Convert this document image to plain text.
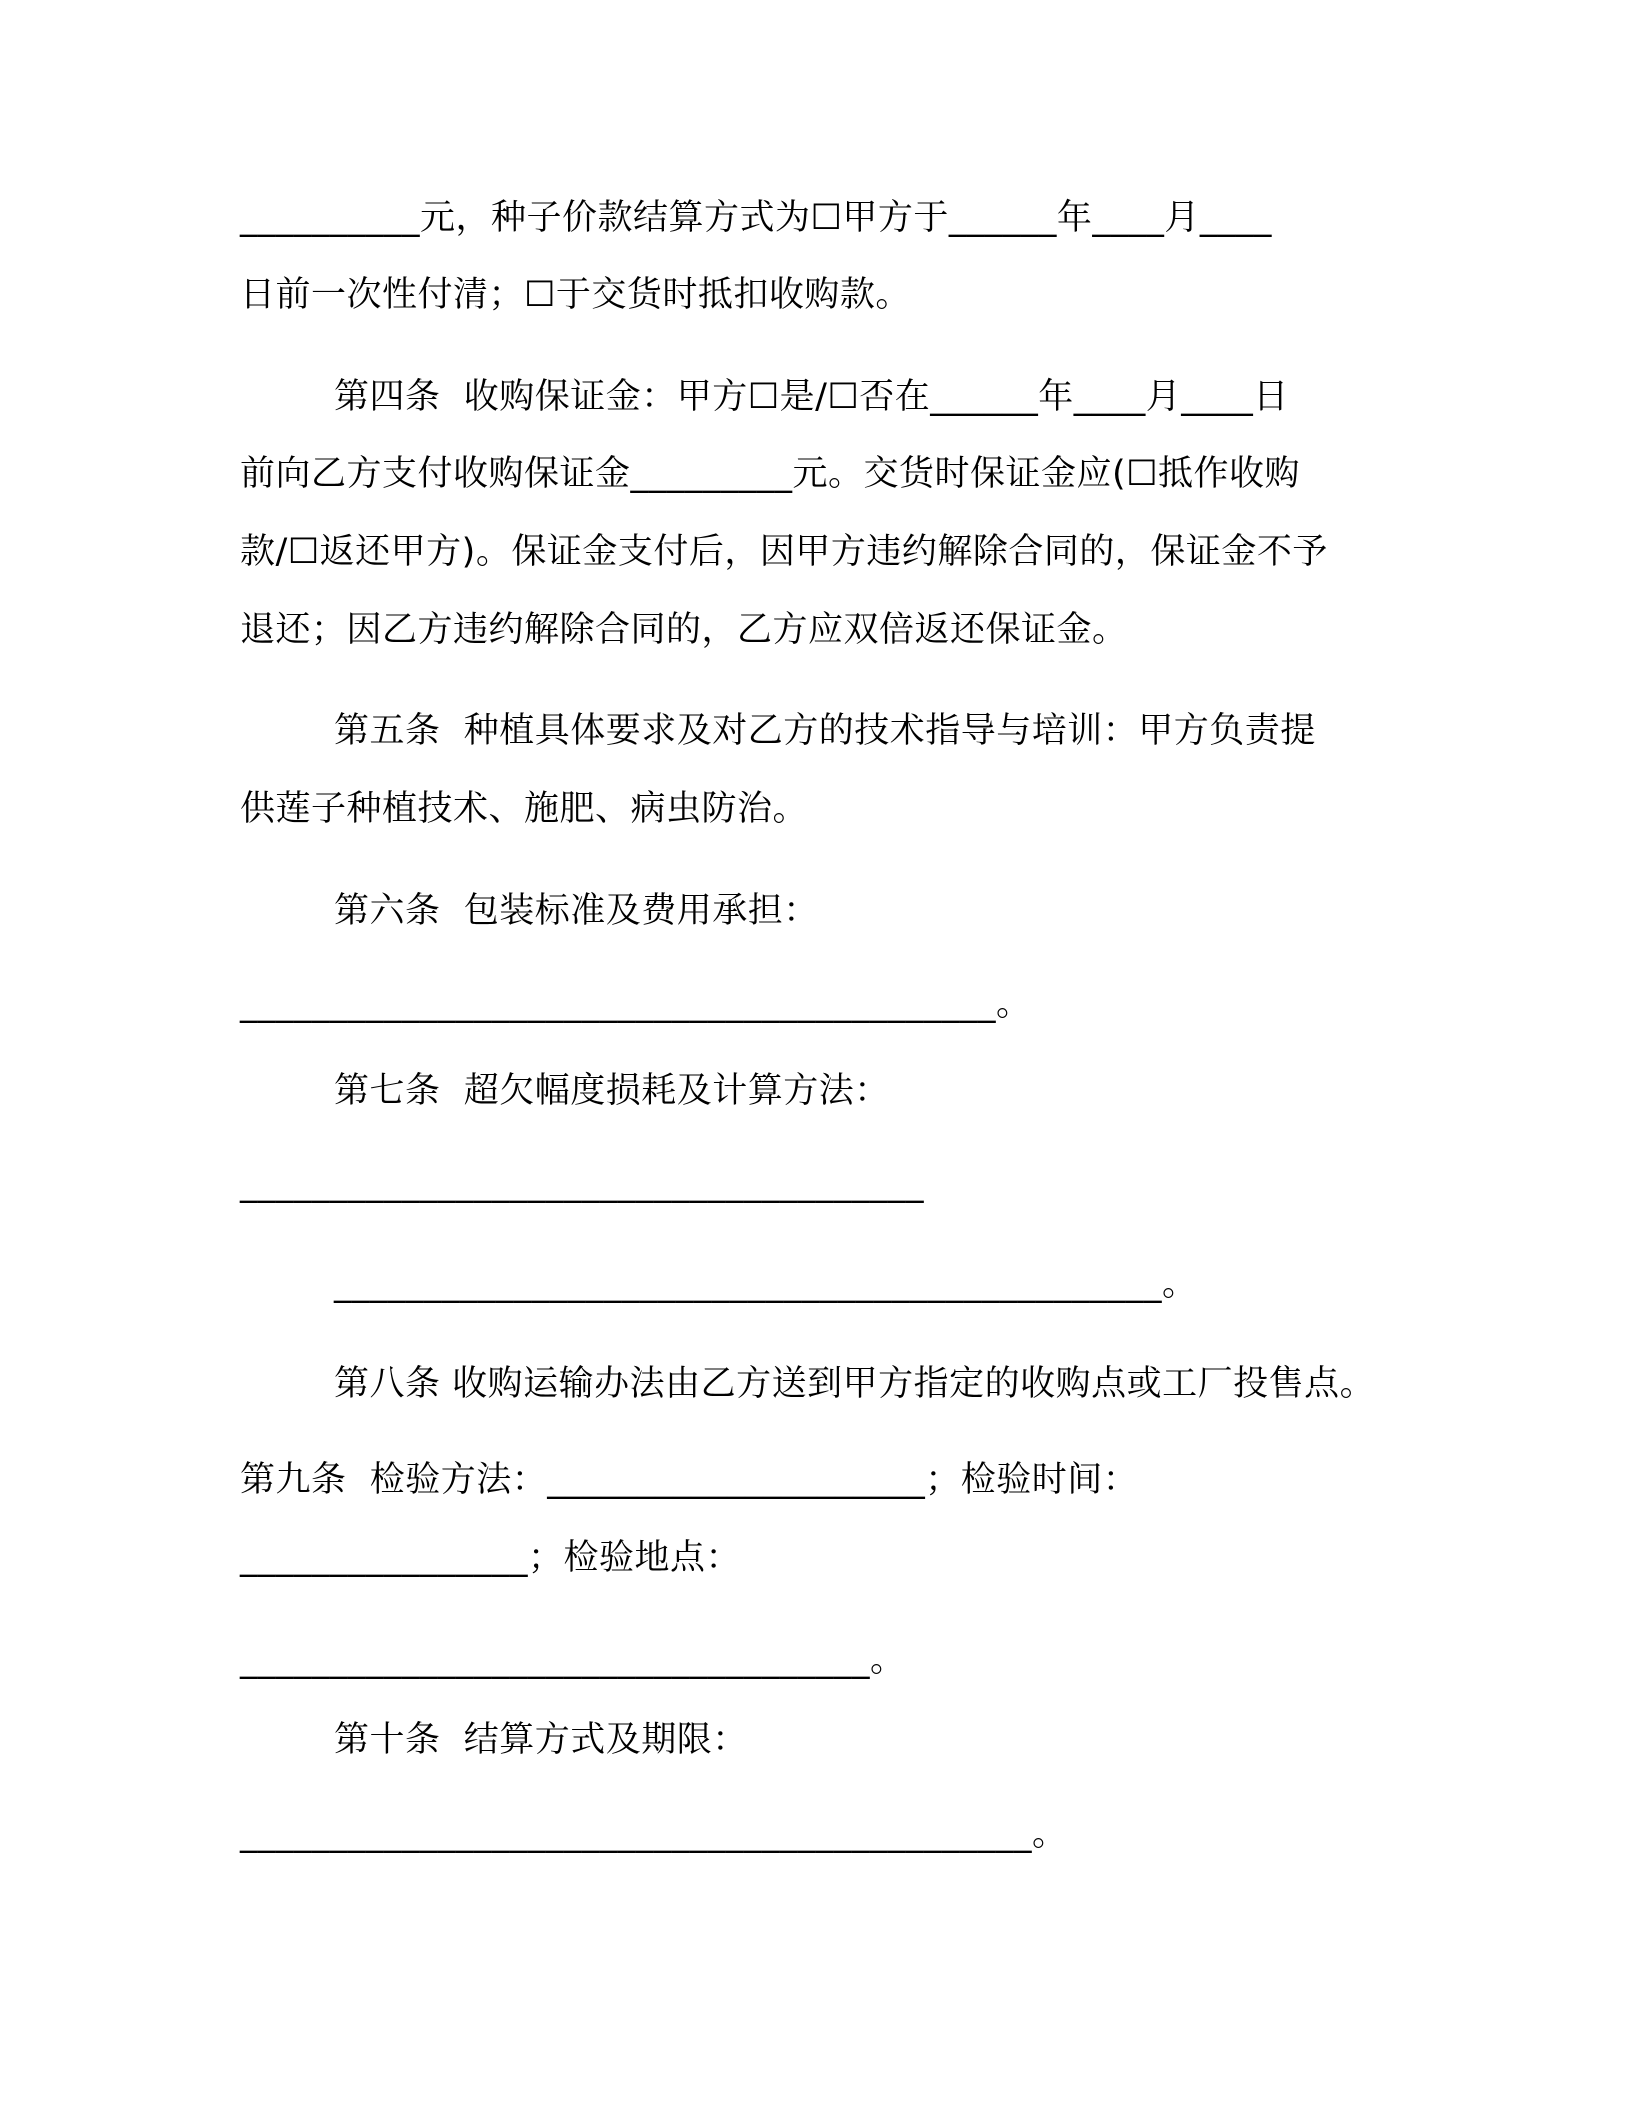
__________元，种子价款结算方式为☐甲方于______年____月____
日前一次性付清；☐于交货时抵扣收购款。
第四条  收购保证金：甲方☐是/☐否在______年____月____日
前向乙方支付收购保证金_________元。交货时保证金应(☐抵作收购
款/☐返还甲方)。保证金支付后，因甲方违约解除合同的，保证金不予
退还；因乙方违约解除合同的，乙方应双倍返还保证金。
第五条  种植具体要求及对乙方的技术指导与培训：甲方负责提
供莲子种植技术、施肥、病虫防治。
第六条  包装标准及费用承担：
__________________________________________。
第七条  超欠幅度损耗及计算方法：
______________________________________
______________________________________________。
第八条 收购运输办法由乙方送到甲方指定的收购点或工厂投售点。
第九条  检验方法：_____________________；检验时间：
________________；检验地点：
___________________________________。
第十条  结算方式及期限：
____________________________________________。
